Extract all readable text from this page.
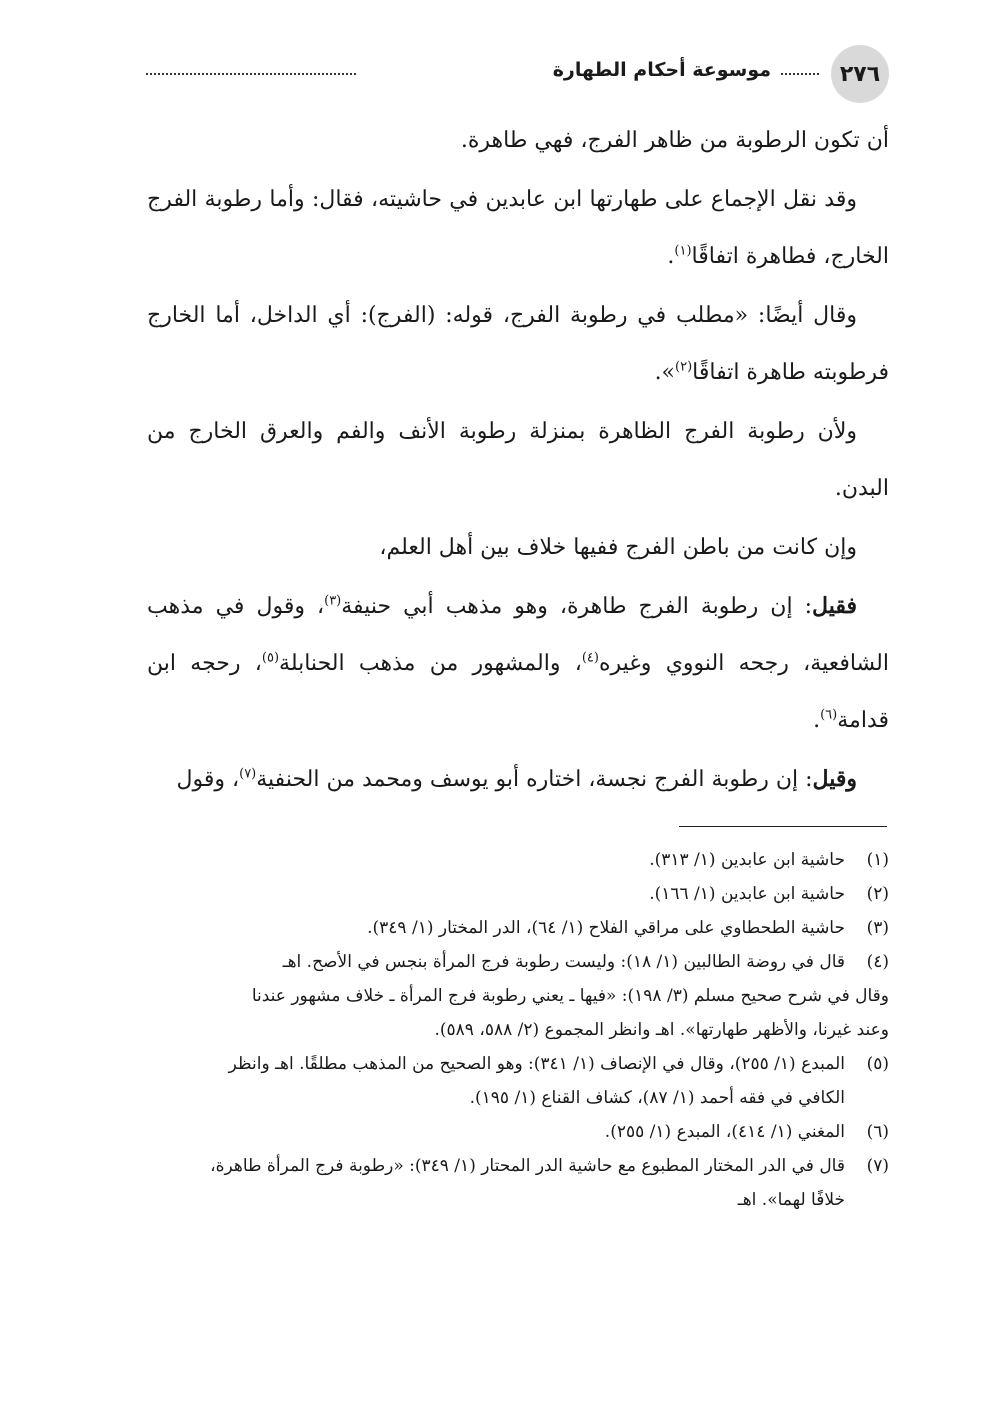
٢٧٦
موسوعة أحكام الطهارة

أن تكون الرطوبة من ظاهر الفرج، فهي طاهرة.

وقد نقل الإجماع على طهارتها ابن عابدين في حاشيته، فقال: وأما رطوبة الفرج الخارج، فطاهرة اتفاقًا$^{(١)}$.

وقال أيضًا: «مطلب في رطوبة الفرج، قوله: (الفرج): أي الداخل، أما الخارج فرطوبته طاهرة اتفاقًا$^{(٢)}$».

ولأن رطوبة الفرج الظاهرة بمنزلة رطوبة الأنف والفم والعرق الخارج من البدن.

وإن كانت من باطن الفرج ففيها خلاف بين أهل العلم،

فقيل: إن رطوبة الفرج طاهرة، وهو مذهب أبي حنيفة$^{(٣)}$، وقول في مذهب الشافعية، رجحه النووي وغيره$^{(٤)}$، والمشهور من مذهب الحنابلة$^{(٥)}$، رحجه ابن قدامة$^{(٦)}$.

وقيل: إن رطوبة الفرج نجسة، اختاره أبو يوسف ومحمد من الحنفية$^{(٧)}$، وقول

(١)
حاشية ابن عابدين (١/ ٣١٣).
(٢)
حاشية ابن عابدين (١/ ١٦٦).
(٣)
حاشية الطحطاوي على مراقي الفلاح (١/ ٦٤)، الدر المختار (١/ ٣٤٩).
(٤)
قال في روضة الطالبين (١/ ١٨): وليست رطوبة فرج المرأة بنجس في الأصح. اهـ
وقال في شرح صحيح مسلم (٣/ ١٩٨): «فيها ـ يعني رطوبة فرج المرأة ـ خلاف مشهور عندنا
وعند غيرنا، والأظهر طهارتها». اهـ وانظر المجموع (٢/ ٥٨٨، ٥٨٩).
(٥)
المبدع (١/ ٢٥٥)، وقال في الإنصاف (١/ ٣٤١): وهو الصحيح من المذهب مطلقًا. اهـ وانظر
الكافي في فقه أحمد (١/ ٨٧)، كشاف القناع (١/ ١٩٥).
(٦)
المغني (١/ ٤١٤)، المبدع (١/ ٢٥٥).
(٧)
قال في الدر المختار المطبوع مع حاشية الدر المحتار (١/ ٣٤٩): «رطوبة فرج المرأة طاهرة،
خلافًا لهما». اهـ
